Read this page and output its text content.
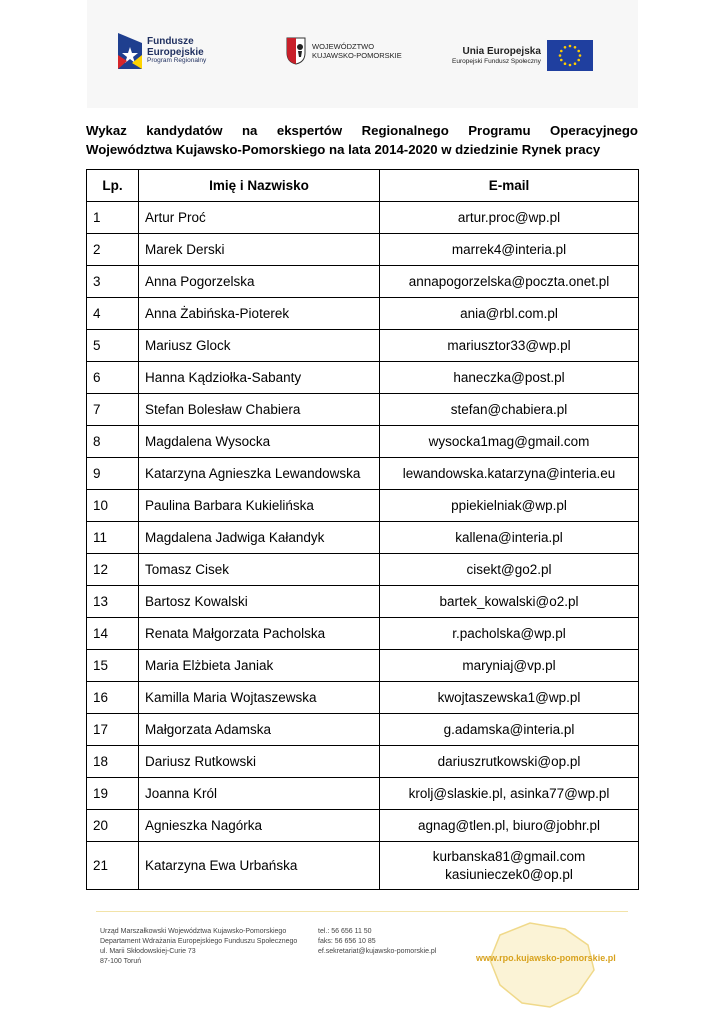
Fundusze
Europejskie
Program Regionalny
WOJEWÓDZTWO
KUJAWSKO-POMORSKIE	Unia Europejska
Europejski Fundusz Społeczny
Wykaz kandydatów na ekspertów Regionalnego Programu Operacyjnego
Województwa Kujawsko-Pomorskiego na lata 2014-2020 w dziedzinie Rynek pracy
Lp.	Imię i Nazwisko	E-mail
1	Artur Proć	artur.proc@wp.pl
2	Marek Derski	marrek4@interia.pl
3	Anna Pogorzelska	annapogorzelska@poczta.onet.pl
4	Anna Żabińska-Pioterek	ania@rbl.com.pl
5	Mariusz Glock	mariusztor33@wp.pl
6	Hanna Kądziołka-Sabanty	haneczka@post.pl
7	Stefan Bolesław Chabiera	stefan@chabiera.pl
8	Magdalena Wysocka	wysocka1mag@gmail.com
9	Katarzyna Agnieszka Lewandowska	lewandowska.katarzyna@interia.eu
10	Paulina Barbara Kukielińska	ppiekielniak@wp.pl
11	Magdalena Jadwiga Kałandyk	kallena@interia.pl
12	Tomasz Cisek	cisekt@go2.pl
13	Bartosz Kowalski	bartek_kowalski@o2.pl
14	Renata Małgorzata Pacholska	r.pacholska@wp.pl
15	Maria Elżbieta Janiak	maryniaj@vp.pl
16	Kamilla Maria Wojtaszewska	kwojtaszewska1@wp.pl
17	Małgorzata Adamska	g.adamska@interia.pl
18	Dariusz Rutkowski	dariuszrutkowski@op.pl
19	Joanna Król	krolj@slaskie.pl, asinka77@wp.pl
20	Agnieszka Nagórka	agnag@tlen.pl, biuro@jobhr.pl
21	Katarzyna Ewa Urbańska	kurbanska81@gmail.com
kasiunieczek0@op.pl
Urząd Marszałkowski Województwa Kujawsko-Pomorskiego
Departament Wdrażania Europejskiego Funduszu Społecznego
ul. Marii Skłodowskiej-Curie 73
87-100 Toruń
tel.: 56 656 11 50
faks: 56 656 10 85
ef.sekretariat@kujawsko-pomorskie.pl
www.rpo.kujawsko-pomorskie.pl
